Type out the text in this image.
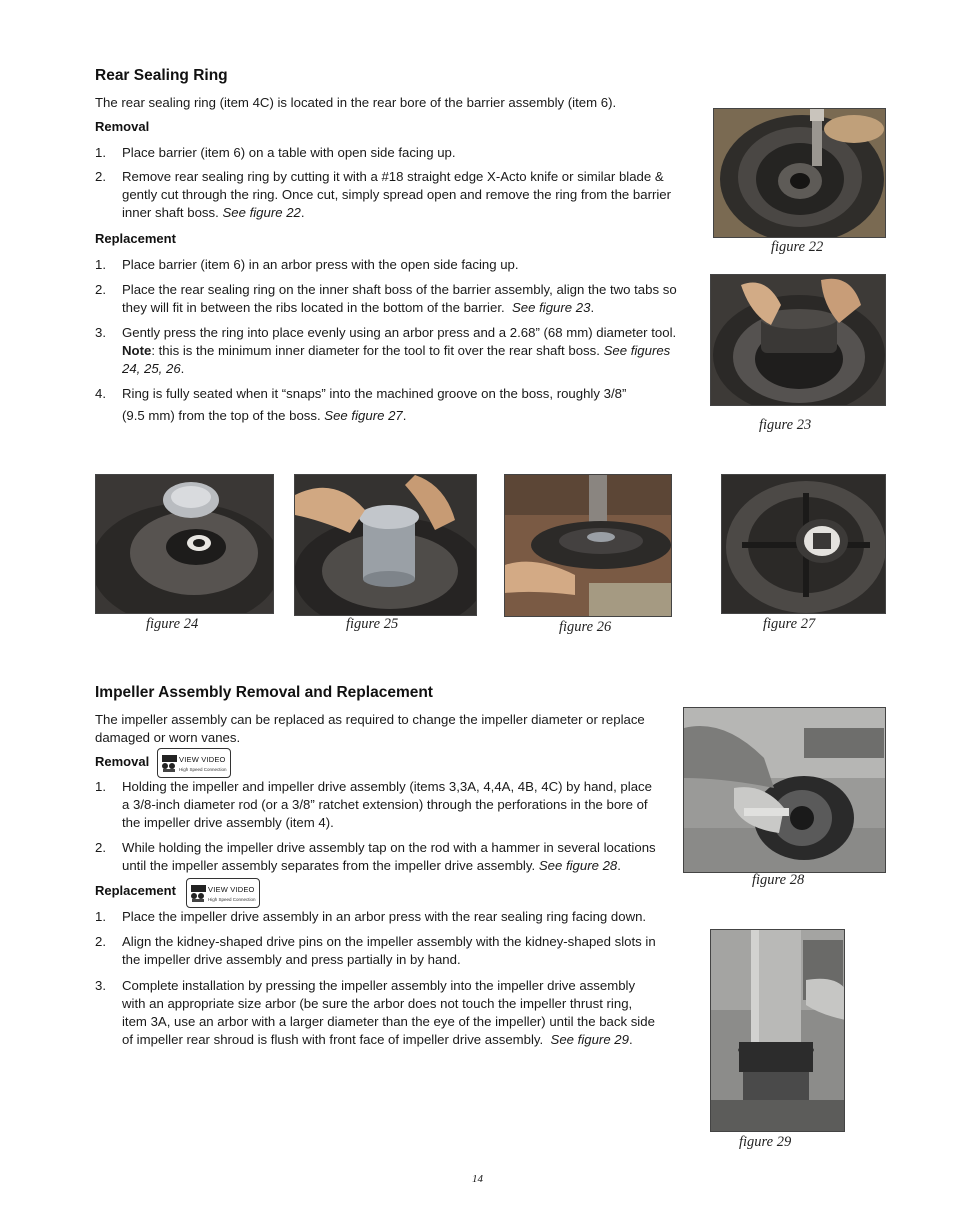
Rear Sealing Ring
The rear sealing ring (item 4C) is located in the rear bore of the barrier assembly (item 6).
Removal
1. Place barrier (item 6) on a table with open side facing up.
2. Remove rear sealing ring by cutting it with a #18 straight edge X-Acto knife or similar blade &
gently cut through the ring. Once cut, simply spread open and remove the ring from the barrier
inner shaft boss. See figure 22.
Replacement
1. Place barrier (item 6) in an arbor press with the open side facing up.
2. Place the rear sealing ring on the inner shaft boss of the barrier assembly, align the two tabs so
they will fit in between the ribs located in the bottom of the barrier. See figure 23.
3. Gently press the ring into place evenly using an arbor press and a 2.68” (68 mm) diameter tool.
Note: this is the minimum inner diameter for the tool to fit over the rear shaft boss. See figures
24, 25, 26.
4. Ring is fully seated when it “snaps” into the machined groove on the boss, roughly 3/8”
(9.5 mm) from the top of the boss. See figure 27.
figure 22
figure 23
figure 24	figure 25	figure 26	figure 27
Impeller Assembly Removal and Replacement
The impeller assembly can be replaced as required to change the impeller diameter or replace
damaged or worn vanes.
Removal	VIEW VIDEO
High Speed Connection
1. Holding the impeller and impeller drive assembly (items 3,3A, 4,4A, 4B, 4C) by hand, place
a 3/8-inch diameter rod (or a 3/8” ratchet extension) through the perforations in the bore of
the impeller drive assembly (item 4).
2. While holding the impeller drive assembly tap on the rod with a hammer in several locations
until the impeller assembly separates from the impeller drive assembly. See figure 28.
Replacement	VIEW VIDEO
High Speed Connection
1. Place the impeller drive assembly in an arbor press with the rear sealing ring facing down.
2. Align the kidney-shaped drive pins on the impeller assembly with the kidney-shaped slots in
the impeller drive assembly and press partially in by hand.
3. Complete installation by pressing the impeller assembly into the impeller drive assembly
with an appropriate size arbor (be sure the arbor does not touch the impeller thrust ring,
item 3A, use an arbor with a larger diameter than the eye of the impeller) until the back side
of impeller rear shroud is flush with front face of impeller drive assembly. See figure 29.
figure 28
figure 29
14
